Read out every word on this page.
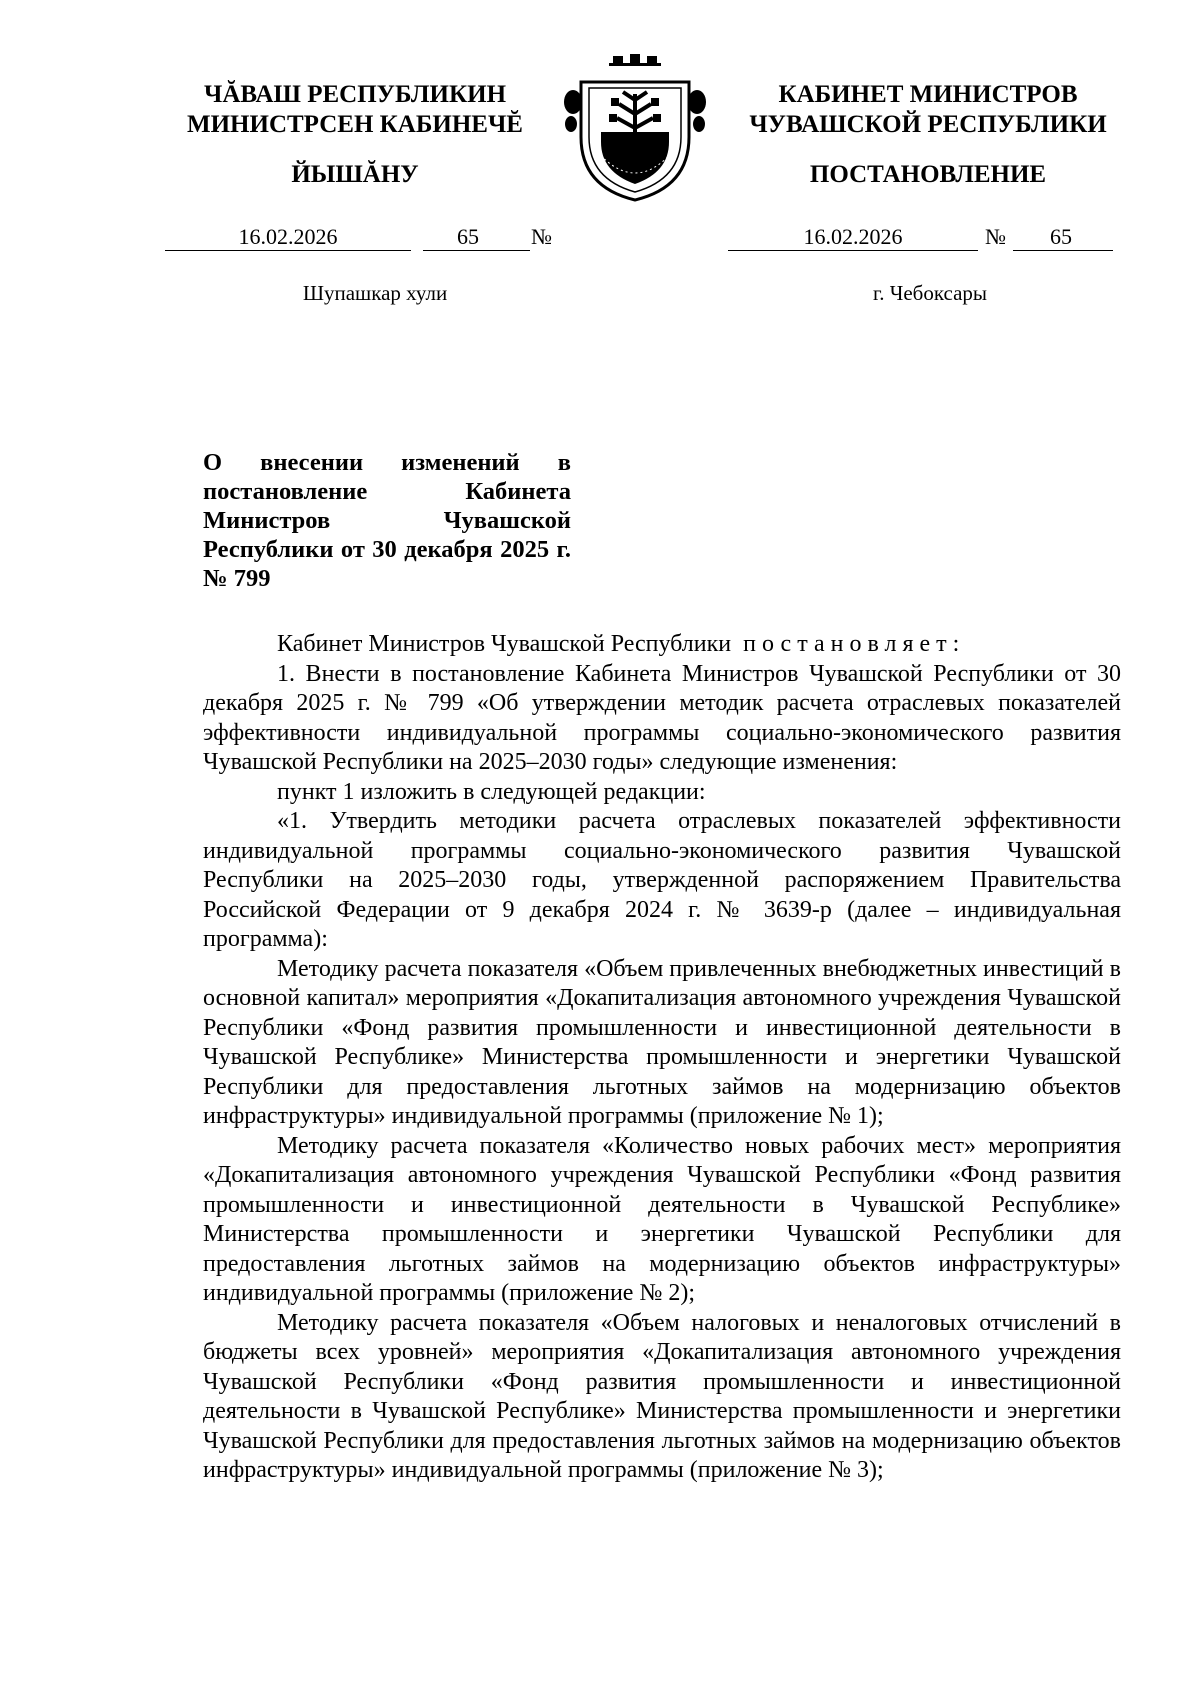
ЧĂВАШ РЕСПУБЛИКИН
МИНИСТРСЕН КАБИНЕЧĔ
ЙЫШĂНУ
КАБИНЕТ МИНИСТРОВ
ЧУВАШСКОЙ РЕСПУБЛИКИ
ПОСТАНОВЛЕНИЕ
16.02.2026	65	№	16.02.2026	№	65
Шупашкар хули	г. Чебоксары
О внесении изменений в постановление Кабинета Министров Чувашской Республики от 30 декабря 2025 г. № 799

Кабинет Министров Чувашской Республики постановляет:

1. Внести в постановление Кабинета Министров Чувашской Республики от 30 декабря 2025 г. № 799 «Об утверждении методик расчета отраслевых показателей эффективности индивидуальной программы социально-экономического развития Чувашской Республики на 2025–2030 годы» следующие изменения:

пункт 1 изложить в следующей редакции:

«1. Утвердить методики расчета отраслевых показателей эффективности индивидуальной программы социально-экономического развития Чувашской Республики на 2025–2030 годы, утвержденной распоряжением Правительства Российской Федерации от 9 декабря 2024 г. № 3639-р (далее – индивидуальная программа):

Методику расчета показателя «Объем привлеченных внебюджетных инвестиций в основной капитал» мероприятия «Докапитализация автономного учреждения Чувашской Республики «Фонд развития промышленности и инвестиционной деятельности в Чувашской Республике» Министерства промышленности и энергетики Чувашской Республики для предоставления льготных займов на модернизацию объектов инфраструктуры» индивидуальной программы (приложение № 1);

Методику расчета показателя «Количество новых рабочих мест» мероприятия «Докапитализация автономного учреждения Чувашской Республики «Фонд развития промышленности и инвестиционной деятельности в Чувашской Республике» Министерства промышленности и энергетики Чувашской Республики для предоставления льготных займов на модернизацию объектов инфраструктуры» индивидуальной программы (приложение № 2);

Методику расчета показателя «Объем налоговых и неналоговых отчислений в бюджеты всех уровней» мероприятия «Докапитализация автономного учреждения Чувашской Республики «Фонд развития промышленности и инвестиционной деятельности в Чувашской Республике» Министерства промышленности и энергетики Чувашской Республики для предоставления льготных займов на модернизацию объектов инфраструктуры» индивидуальной программы (приложение № 3);
